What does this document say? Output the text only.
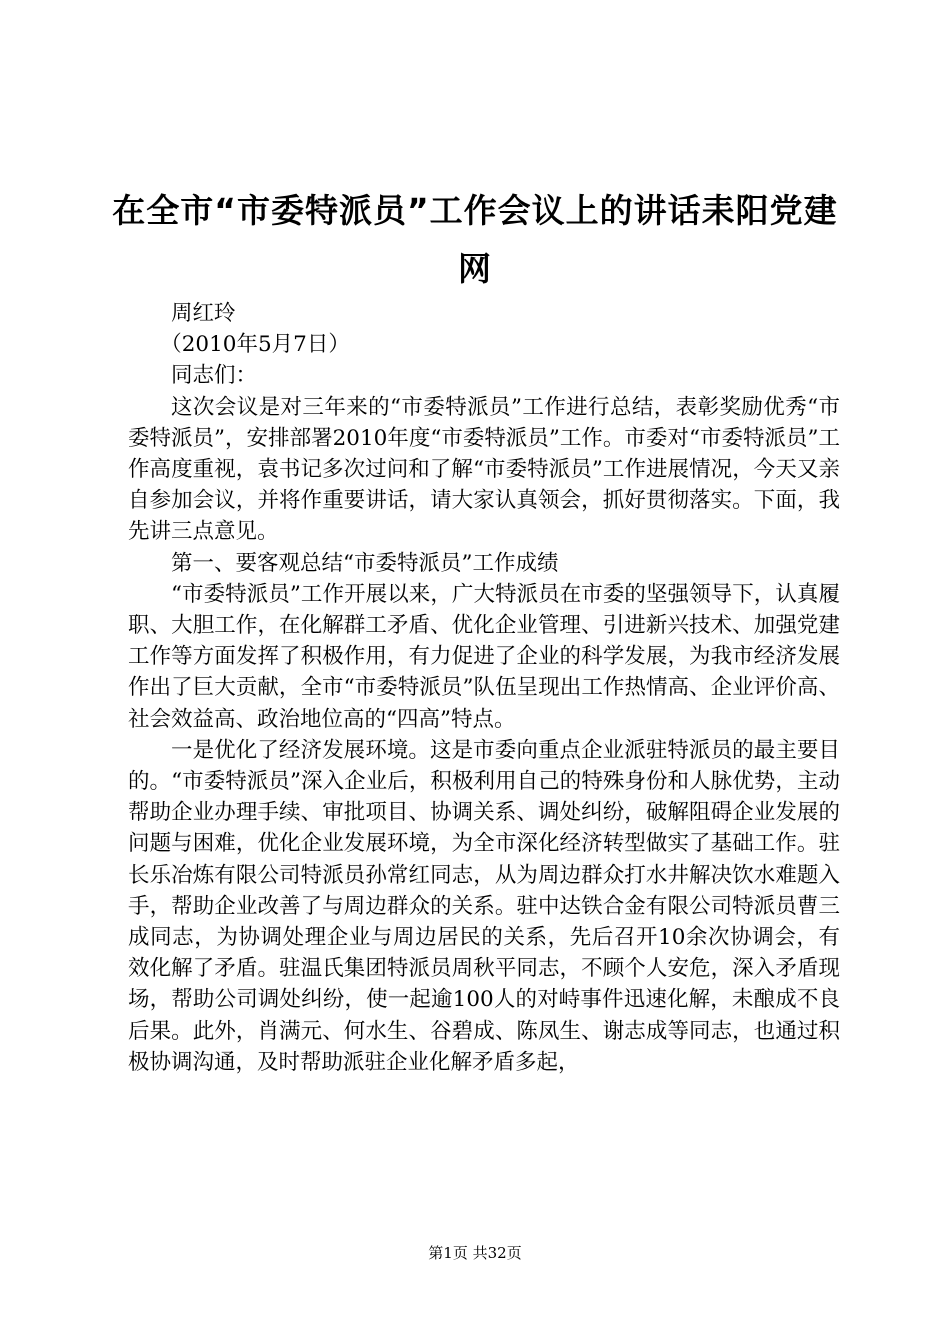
在全市“市委特派员”工作会议上的讲话耒阳党建网

周红玲

（2010年5月7日）

同志们：

这次会议是对三年来的“市委特派员”工作进行总结，表彰奖励优秀“市委特派员”，安排部署2010年度“市委特派员”工作。市委对“市委特派员”工作高度重视，袁书记多次过问和了解“市委特派员”工作进展情况，今天又亲自参加会议，并将作重要讲话，请大家认真领会，抓好贯彻落实。下面，我先讲三点意见。

第一、要客观总结“市委特派员”工作成绩

“市委特派员”工作开展以来，广大特派员在市委的坚强领导下，认真履职、大胆工作，在化解群工矛盾、优化企业管理、引进新兴技术、加强党建工作等方面发挥了积极作用，有力促进了企业的科学发展，为我市经济发展作出了巨大贡献，全市“市委特派员”队伍呈现出工作热情高、企业评价高、社会效益高、政治地位高的“四高”特点。

一是优化了经济发展环境。这是市委向重点企业派驻特派员的最主要目的。“市委特派员”深入企业后，积极利用自己的特殊身份和人脉优势，主动帮助企业办理手续、审批项目、协调关系、调处纠纷，破解阻碍企业发展的问题与困难，优化企业发展环境，为全市深化经济转型做实了基础工作。驻长乐冶炼有限公司特派员孙常红同志，从为周边群众打水井解决饮水难题入手，帮助企业改善了与周边群众的关系。驻中达铁合金有限公司特派员曹三成同志，为协调处理企业与周边居民的关系，先后召开10余次协调会，有效化解了矛盾。驻温氏集团特派员周秋平同志，不顾个人安危，深入矛盾现场，帮助公司调处纠纷，使一起逾100人的对峙事件迅速化解，未酿成不良后果。此外，肖满元、何水生、谷碧成、陈凤生、谢志成等同志，也通过积极协调沟通，及时帮助派驻企业化解矛盾多起，

第1页 共32页
